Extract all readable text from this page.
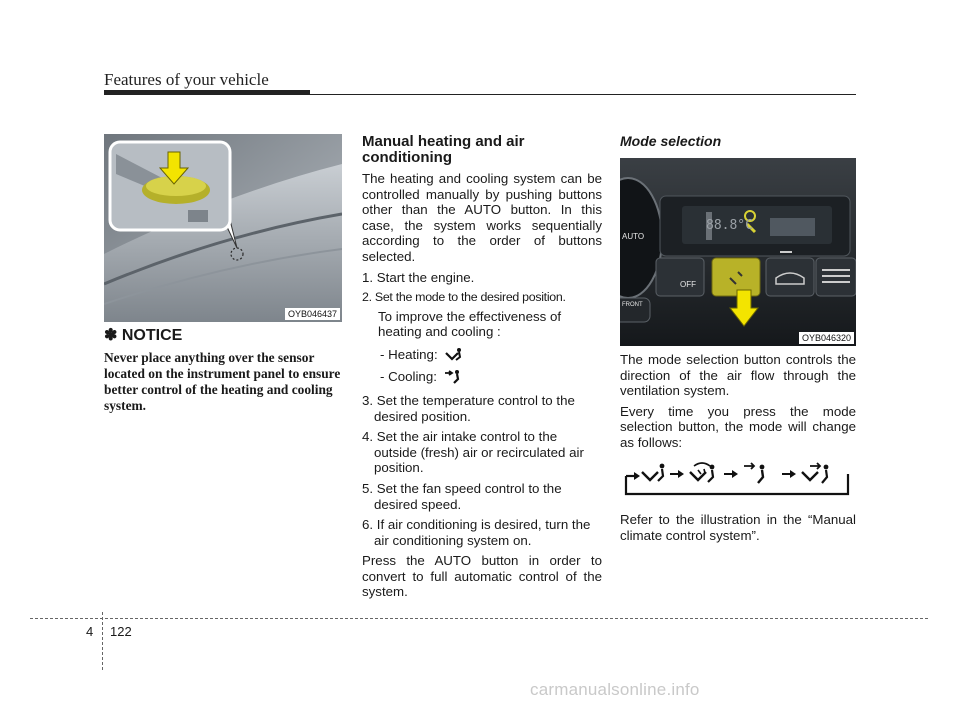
Features of your vehicle
OYB046437
✽ NOTICE
Never place anything over the sensor located on the instrument panel to ensure better control of the heating and cooling system.
Manual heating and air conditioning

The heating and cooling system can be controlled manually by pushing buttons other than the AUTO button. In this case, the system works sequentially according to the order of buttons selected.

1. Start the engine.

2. Set the mode to the desired position.

To improve the effectiveness of heating and cooling :

- Heating:
- Cooling:

3. Set the temperature control to the desired position.

4. Set the air intake control to the outside (fresh) air or recirculated air position.

5. Set the fan speed control to the desired speed.

6. If air conditioning is desired, turn the air conditioning system on.

Press the AUTO button in order to convert to full automatic control of the system.

Mode selection
AUTO
88.8°C
OFF
FRONT
OYB046320

The mode selection button controls the direction of the air flow through the ventilation system.

Every time you press the mode selection button, the mode will change as follows:

Refer to the illustration in the “Manual climate control system”.

4 122
carmanualsonline.info
